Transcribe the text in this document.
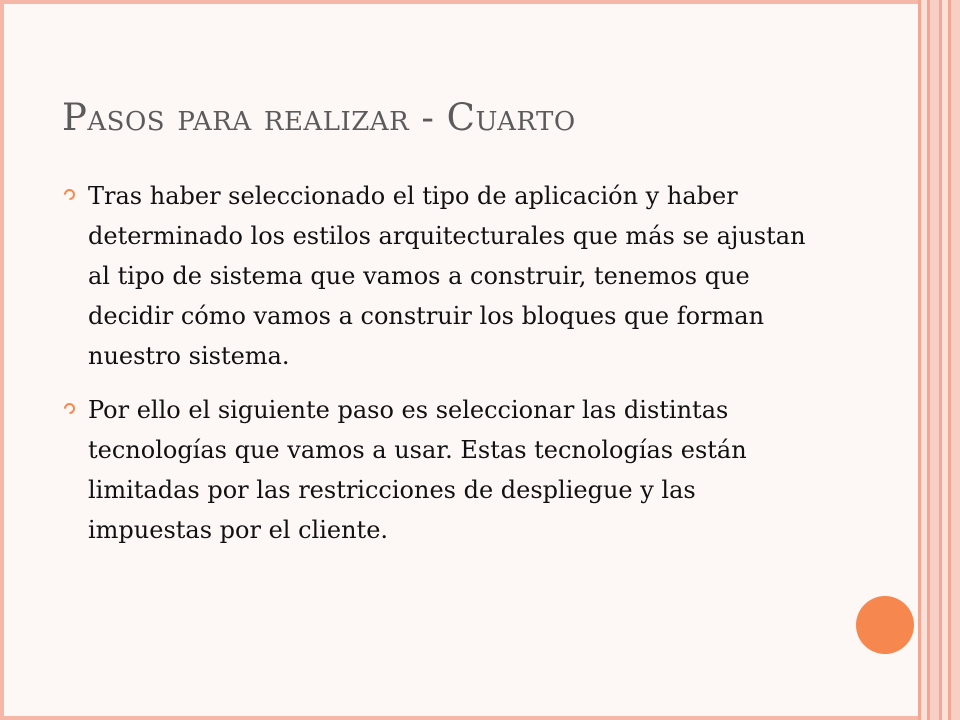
Pasos para realizar - Cuarto
Tras haber seleccionado el tipo de aplicación y haber determinado los estilos arquitecturales que más se ajustan al tipo de sistema que vamos a construir, tenemos que decidir cómo vamos a construir los bloques que forman nuestro sistema.
Por ello el siguiente paso es seleccionar las distintas tecnologías que vamos a usar. Estas tecnologías están limitadas por las restricciones de despliegue y las impuestas por el cliente.
